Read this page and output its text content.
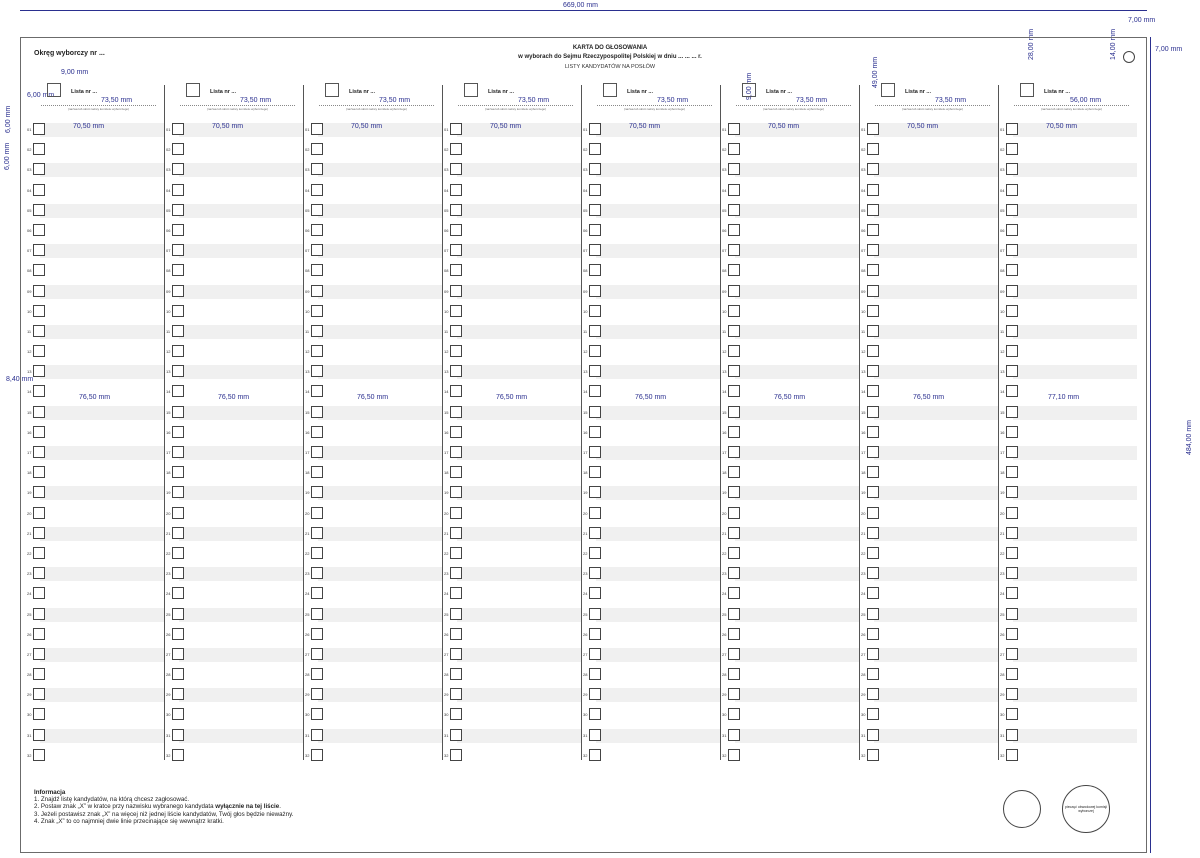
669,00 mm
7,00 mm
7,00 mm
14,00 mm
28,00 mm
49,00 mm
484,00 mm
9,00 mm
9,00 mm
6,00 mm
6,00 mm
6,00 mm
8,40 mm
Okręg wyborczy nr ...
KARTA DO GŁOSOWANIA
w wyborach do Sejmu Rzeczypospolitej Polskiej w dniu ... ... ... r.
LISTY KANDYDATÓW NA POSŁÓW
Lista nr ...
73,50 mm
(nazwa lub skrót nazwy komitetu wyborczego)
01	70,50 mm
02
03
04
05
06
07
08
09
10
11
12
13
14
76,50 mm
15
16
17
18
19
20
21
22
23
24
25
26
27
28
29
30
31
32
Lista nr ...
73,50 mm
(nazwa lub skrót nazwy komitetu wyborczego)
01	70,50 mm
02
03
04
05
06
07
08
09
10
11
12
13
14
76,50 mm
15
16
17
18
19
20
21
22
23
24
25
26
27
28
29
30
31
32
Lista nr ...
73,50 mm
(nazwa lub skrót nazwy komitetu wyborczego)
01	70,50 mm
02
03
04
05
06
07
08
09
10
11
12
13
14
76,50 mm
15
16
17
18
19
20
21
22
23
24
25
26
27
28
29
30
31
32
Lista nr ...
73,50 mm
(nazwa lub skrót nazwy komitetu wyborczego)
01	70,50 mm
02
03
04
05
06
07
08
09
10
11
12
13
14
76,50 mm
15
16
17
18
19
20
21
22
23
24
25
26
27
28
29
30
31
32
Lista nr ...
73,50 mm
(nazwa lub skrót nazwy komitetu wyborczego)
01	70,50 mm
02
03
04
05
06
07
08
09
10
11
12
13
14
76,50 mm
15
16
17
18
19
20
21
22
23
24
25
26
27
28
29
30
31
32
Lista nr ...
73,50 mm
(nazwa lub skrót nazwy komitetu wyborczego)
01	70,50 mm
02
03
04
05
06
07
08
09
10
11
12
13
14
76,50 mm
15
16
17
18
19
20
21
22
23
24
25
26
27
28
29
30
31
32
Lista nr ...
73,50 mm
(nazwa lub skrót nazwy komitetu wyborczego)
01	70,50 mm
02
03
04
05
06
07
08
09
10
11
12
13
14
76,50 mm
15
16
17
18
19
20
21
22
23
24
25
26
27
28
29
30
31
32
Lista nr ...
56,00 mm
(nazwa lub skrót nazwy komitetu wyborczego)
01	70,50 mm
02
03
04
05
06
07
08
09
10
11
12
13
14
77,10 mm
15
16
17
18
19
20
21
22
23
24
25
26
27
28
29
30
31
32
Informacja
1. Znajdź listę kandydatów, na którą chcesz zagłosować.
2. Postaw znak „X” w kratce przy nazwisku wybranego kandydata wyłącznie na tej liście.
3. Jeżeli postawisz znak „X” na więcej niż jednej liście kandydatów, Twój głos będzie nieważny.
4. Znak „X” to co najmniej dwie linie przecinające się wewnątrz kratki.
pieczęć obwodowej komisji wyborczej
